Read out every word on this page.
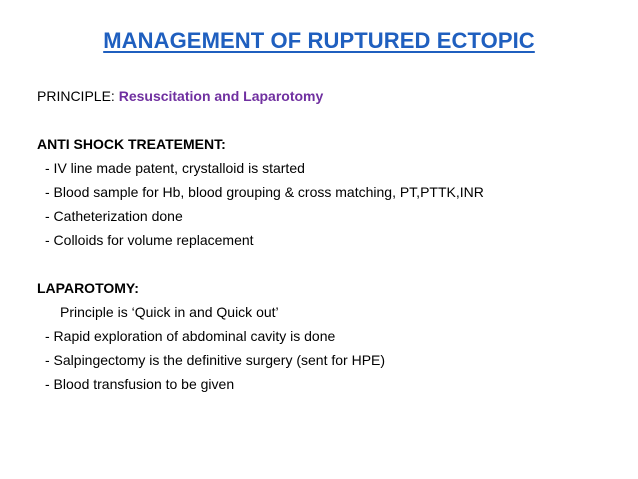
MANAGEMENT OF RUPTURED ECTOPIC
PRINCIPLE: Resuscitation and Laparotomy
ANTI SHOCK TREATEMENT:
- IV line made patent, crystalloid is started
- Blood sample for Hb, blood grouping & cross matching, PT,PTTK,INR
- Catheterization done
- Colloids for volume replacement
LAPAROTOMY:
Principle is ‘Quick in and Quick out’
- Rapid exploration of abdominal cavity is done
- Salpingectomy is the definitive surgery (sent for HPE)
- Blood transfusion to be given
